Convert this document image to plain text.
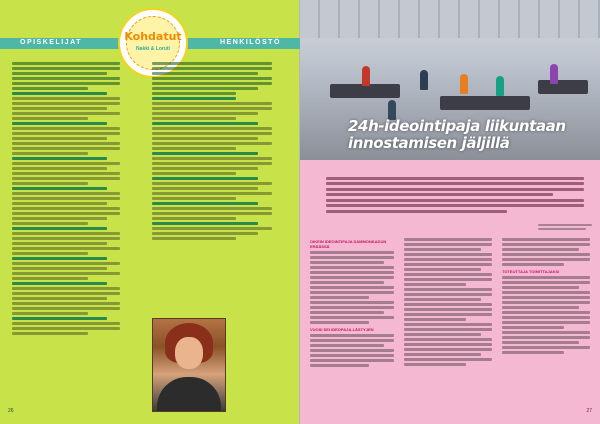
OPISKELIJAT	HENKILÖSTÖ
Kohdatut
Nakki & Loruti
26
24h-ideointipaja liikuntaan innostamisen jäljillä
OIKEIN IDEOINTIPAJA SAMMONKADUN ERÄÄSSÄ
VUOSI SEI IDEOPAJA-LÄSTYJEN
TOTEUTTAJA TOIMITTAJAKSI
27
